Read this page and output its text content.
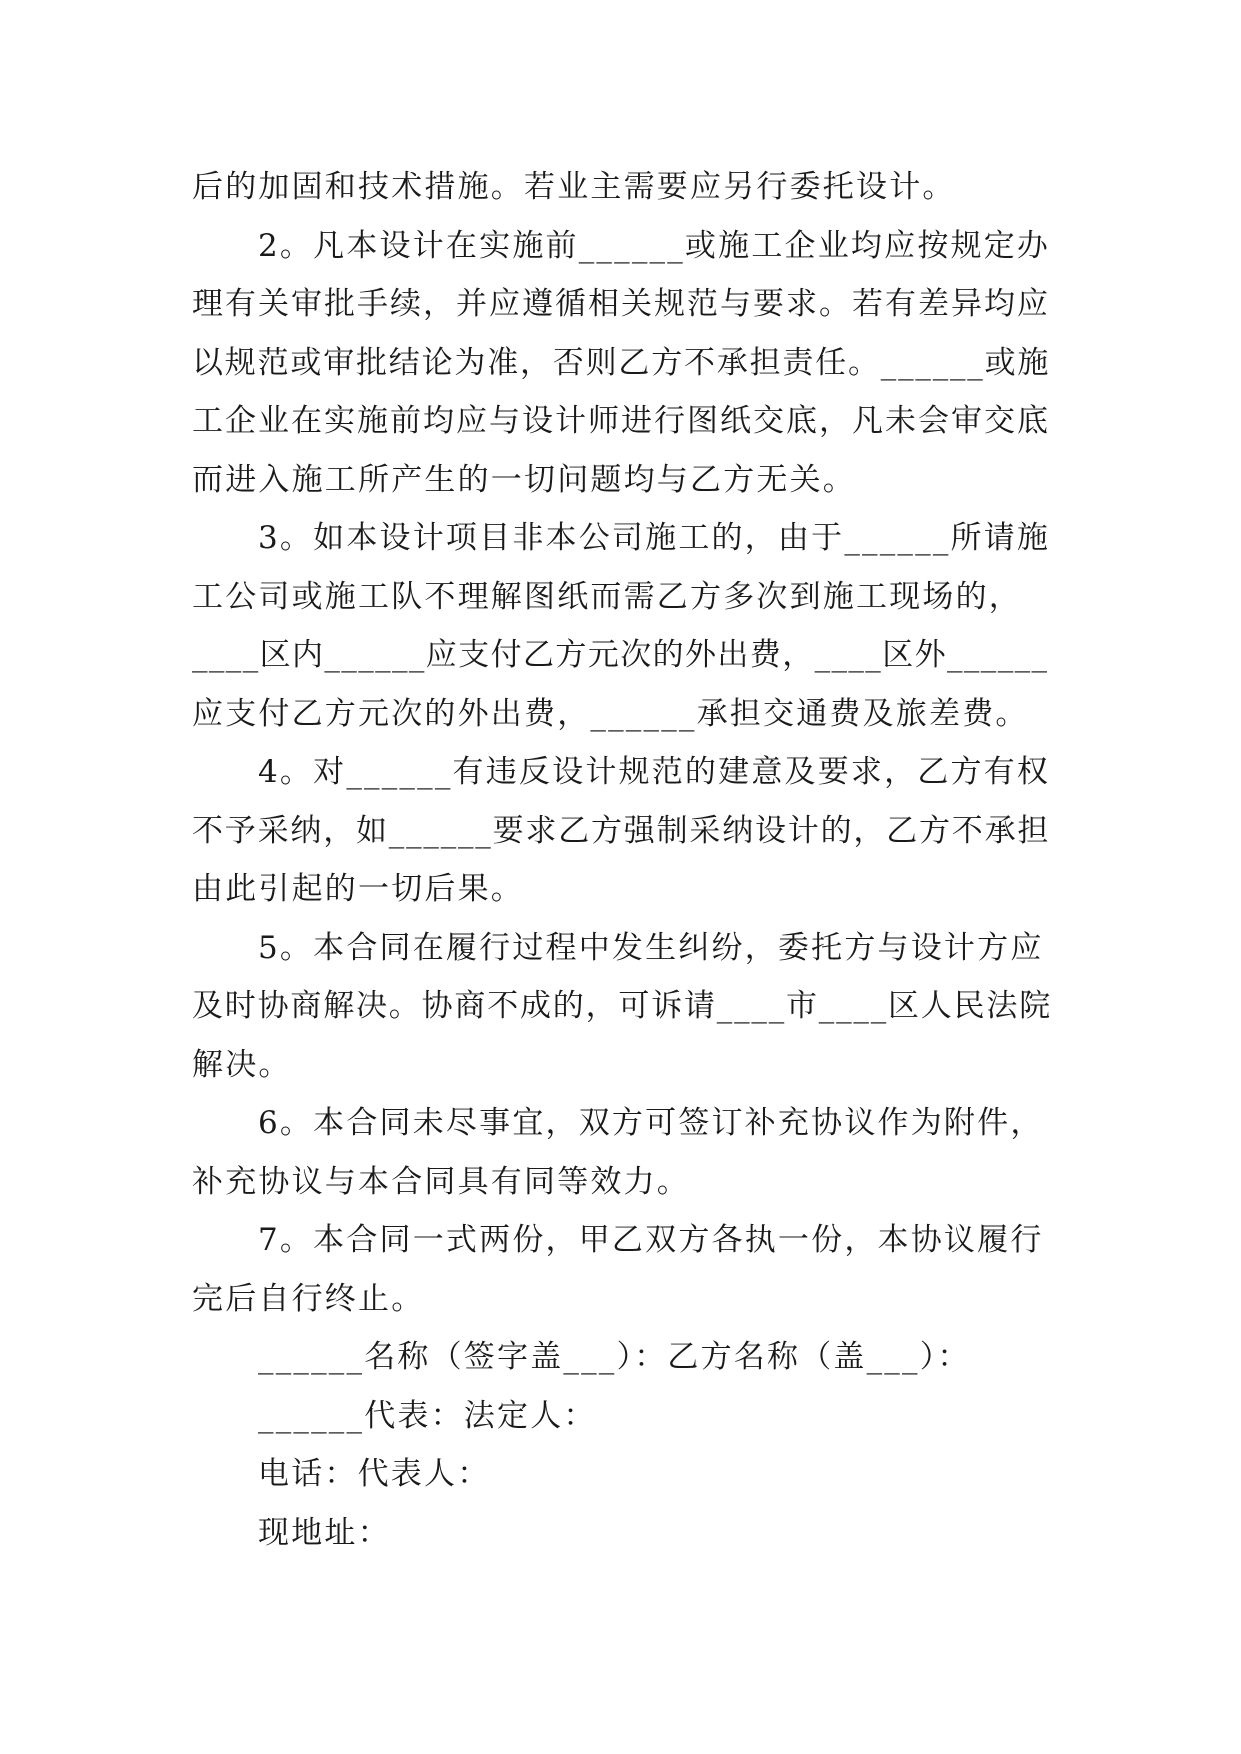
后的加固和技术措施。若业主需要应另行委托设计。
2。凡本设计在实施前______或施工企业均应按规定办
理有关审批手续，并应遵循相关规范与要求。若有差异均应
以规范或审批结论为准，否则乙方不承担责任。______或施
工企业在实施前均应与设计师进行图纸交底，凡未会审交底
而进入施工所产生的一切问题均与乙方无关。
3。如本设计项目非本公司施工的，由于______所请施
工公司或施工队不理解图纸而需乙方多次到施工现场的，
____区内______应支付乙方元次的外出费，____区外______
应支付乙方元次的外出费，______承担交通费及旅差费。
4。对______有违反设计规范的建意及要求，乙方有权
不予采纳，如______要求乙方强制采纳设计的，乙方不承担
由此引起的一切后果。
5。本合同在履行过程中发生纠纷，委托方与设计方应
及时协商解决。协商不成的，可诉请____市____区人民法院
解决。
6。本合同未尽事宜，双方可签订补充协议作为附件，
补充协议与本合同具有同等效力。
7。本合同一式两份，甲乙双方各执一份，本协议履行
完后自行终止。
______名称（签字盖___）：乙方名称（盖___）：
______代表：法定人：
电话：代表人：
现地址：
